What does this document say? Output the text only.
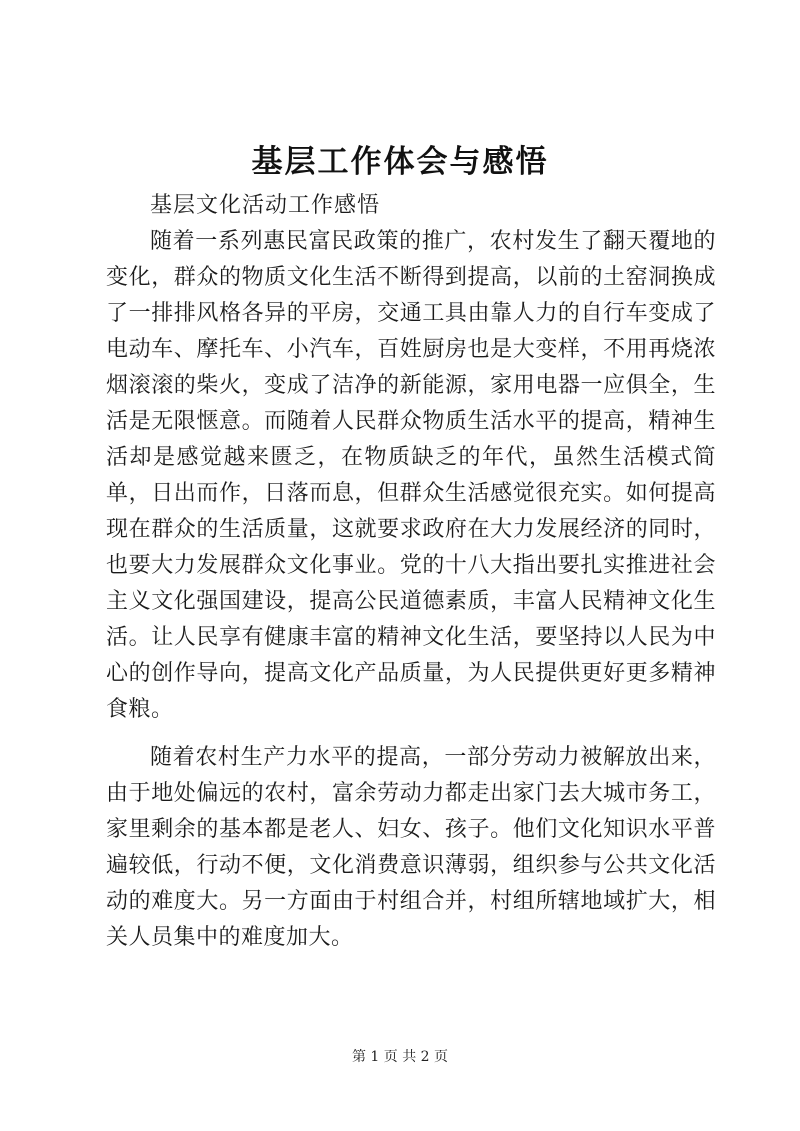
基层工作体会与感悟

基层文化活动工作感悟

随着一系列惠民富民政策的推广，农村发生了翻天覆地的变化，群众的物质文化生活不断得到提高，以前的土窑洞换成了一排排风格各异的平房，交通工具由靠人力的自行车变成了电动车、摩托车、小汽车，百姓厨房也是大变样，不用再烧浓烟滚滚的柴火，变成了洁净的新能源，家用电器一应俱全，生活是无限惬意。而随着人民群众物质生活水平的提高，精神生活却是感觉越来匮乏，在物质缺乏的年代，虽然生活模式简单，日出而作，日落而息，但群众生活感觉很充实。如何提高现在群众的生活质量，这就要求政府在大力发展经济的同时，也要大力发展群众文化事业。党的十八大指出要扎实推进社会主义文化强国建设，提高公民道德素质，丰富人民精神文化生活。让人民享有健康丰富的精神文化生活，要坚持以人民为中心的创作导向，提高文化产品质量，为人民提供更好更多精神食粮。

随着农村生产力水平的提高，一部分劳动力被解放出来，由于地处偏远的农村，富余劳动力都走出家门去大城市务工，家里剩余的基本都是老人、妇女、孩子。他们文化知识水平普遍较低，行动不便，文化消费意识薄弱，组织参与公共文化活动的难度大。另一方面由于村组合并，村组所辖地域扩大，相关人员集中的难度加大。

第 1 页 共 2 页
